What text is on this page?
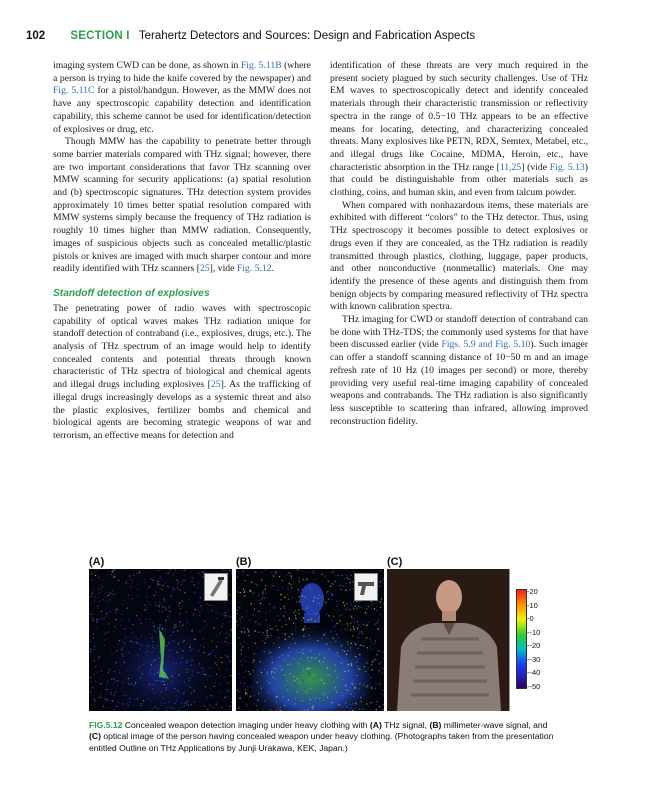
102 SECTION I Terahertz Detectors and Sources: Design and Fabrication Aspects

imaging system CWD can be done, as shown in Fig. 5.11B (where a person is trying to hide the knife covered by the newspaper) and Fig. 5.11C for a pistol/handgun. However, as the MMW does not have any spectroscopic capability detection and identification capability, this scheme cannot be used for identification/detection of explosives or drug, etc.

Though MMW has the capability to penetrate better through some barrier materials compared with THz signal; however, there are two important considerations that favor THz scanning over MMW scanning for security applications: (a) spatial resolution and (b) spectroscopic signatures. THz detection system provides approximately 10 times better spatial resolution compared with MMW systems simply because the frequency of THz radiation is roughly 10 times higher than MMW radiation. Consequently, images of suspicious objects such as concealed metallic/plastic pistols or knives are imaged with much sharper contour and more readily identified with THz scanners [25], vide Fig. 5.12.

Standoff detection of explosives

The penetrating power of radio waves with spectroscopic capability of optical waves makes THz radiation unique for standoff detection of contraband (i.e., explosives, drugs, etc.). The analysis of THz spectrum of an image would help to identify concealed contents and potential threats through known characteristic of THz spectra of biological and chemical agents and illegal drugs including explosives [25]. As the trafficking of illegal drugs increasingly develops as a systemic threat and also the plastic explosives, fertilizer bombs and chemical and biological agents are becoming strategic weapons of war and terrorism, an effective means for detection and

identification of these threats are very much required in the present society plagued by such security challenges. Use of THz EM waves to spectroscopically detect and identify concealed materials through their characteristic transmission or reflectivity spectra in the range of 0.5−10 THz appears to be an effective means for locating, detecting, and characterizing concealed threats. Many explosives like PETN, RDX, Semtex, Metabel, etc., and illegal drugs like Cocaine, MDMA, Heroin, etc., have characteristic absorption in the THz range [11,25] (vide Fig. 5.13) that could be distinguishable from other materials such as clothing, coins, and human skin, and even from talcum powder.

When compared with nonhazardous items, these materials are exhibited with different “colors” to the THz detector. Thus, using THz spectroscopy it becomes possible to detect explosives or drugs even if they are concealed, as the THz radiation is readily transmitted through plastics, clothing, luggage, paper products, and other nonconductive (nonmetallic) materials. One may identify the presence of these agents and distinguish them from benign objects by comparing measured reflectivity of THz spectra with known calibration spectra.

THz imaging for CWD or standoff detection of contraband can be done with THz-TDS; the commonly used systems for that have been discussed earlier (vide Figs. 5.9 and Fig. 5.10). Such imager can offer a standoff scanning distance of 10−50 m and an image refresh rate of 10 Hz (10 images per second) or more, thereby providing very useful real-time imaging capability of concealed weapons and contrabands. The THz radiation is also significantly less susceptible to scattering than infrared, allowing improved reconstruction fidelity.

(A)	(B)	(C)
-20
-10
-0
--10
--20
--30
--40
--50
FIG.5.12 Concealed weapon detection imaging under heavy clothing with (A) THz signal, (B) millimeter-wave signal, and (C) optical image of the person having concealed weapon under heavy clothing. (Photographs taken from the presentation entitled Outline on THz Applications by Junji Urakawa, KEK, Japan.)
